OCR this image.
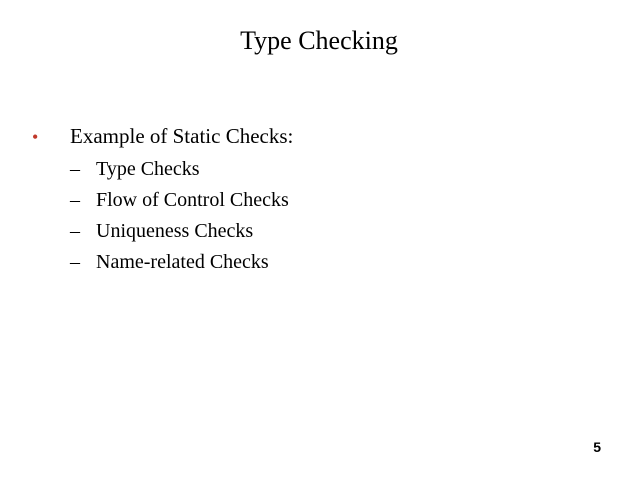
Type Checking
•	Example of Static Checks:
– Type Checks
– Flow of Control Checks
– Uniqueness Checks
– Name-related Checks
5
